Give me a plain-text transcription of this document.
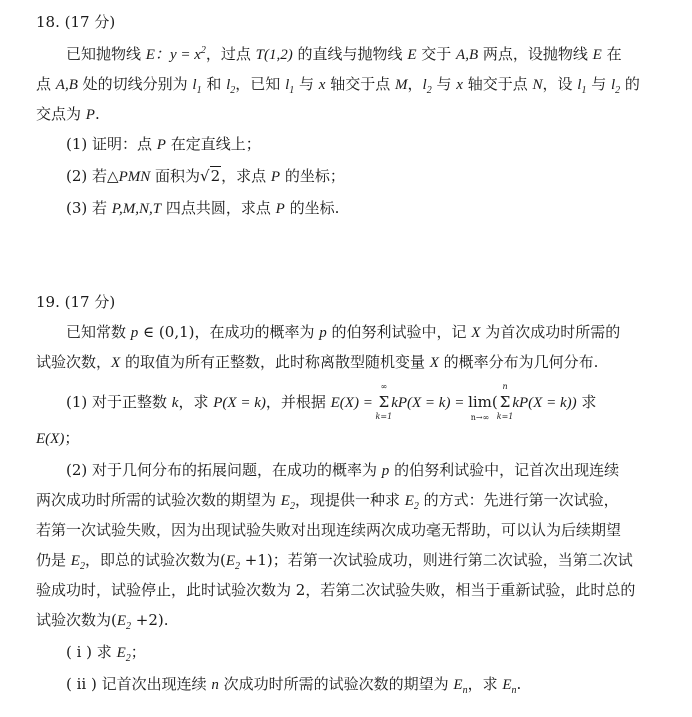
18. (17 分)
已知抛物线 E：$y = x^2$，过点 T(1,2) 的直线与抛物线 E 交于 A,B 两点，设抛物线 E 在
点 A,B 处的切线分别为 $l_1$ 和 $l_2$，已知 $l_1$ 与 x 轴交于点 M，$l_2$ 与 x 轴交于点 N，设 $l_1$ 与 $l_2$ 的
交点为 P.
(1) 证明：点 P 在定直线上；
(2) 若△PMN 面积为√2，求点 P 的坐标；
(3) 若 P,M,N,T 四点共圆，求点 P 的坐标.
19. (17 分)
已知常数 p ∈ (0,1)，在成功的概率为 p 的伯努利试验中，记 X 为首次成功时所需的
试验次数，X 的取值为所有正整数，此时称离散型随机变量 X 的概率分布为几何分布.
(1) 对于正整数 k，求 P(X = k)，并根据 E(X) =
∞
Σ
k=1
kP(X = k) = lim
n→∞
(
n
Σ
k=1
kP(X = k)) 求
E(X)；
(2) 对于几何分布的拓展问题，在成功的概率为 p 的伯努利试验中，记首次出现连续
两次成功时所需的试验次数的期望为 $E_2$，现提供一种求 $E_2$ 的方式：先进行第一次试验，
若第一次试验失败，因为出现试验失败对出现连续两次成功毫无帮助，可以认为后续期望
仍是 $E_2$，即总的试验次数为$(E_2 +1)$；若第一次试验成功，则进行第二次试验，当第二次试
验成功时，试验停止，此时试验次数为 2，若第二次试验失败，相当于重新试验，此时总的
试验次数为$(E_2 +2)$.
( ⅰ ) 求 $E_2$；
( ⅱ ) 记首次出现连续 n 次成功时所需的试验次数的期望为 $E_n$，求 $E_n$.
